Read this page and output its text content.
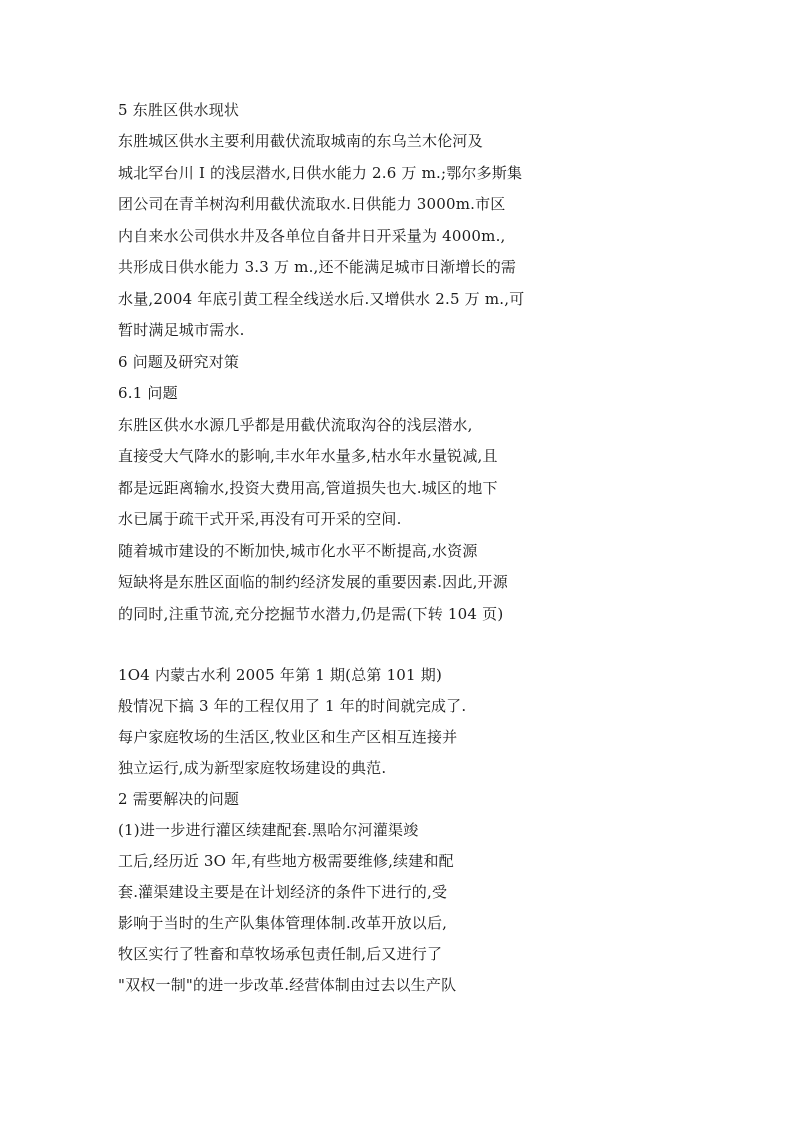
5 东胜区供水现状
东胜城区供水主要利用截伏流取城南的东乌兰木伦河及
城北罕台川 I 的浅层潜水,日供水能力 2.6 万 m.;鄂尔多斯集
团公司在青羊树沟利用截伏流取水.日供能力 3000m.市区
内自来水公司供水井及各单位自备井日开采量为 4000m.,
共形成日供水能力 3.3 万 m.,还不能满足城市日渐增长的需
水量,2004 年底引黄工程全线送水后.又增供水 2.5 万 m.,可
暂时满足城市需水.
6 问题及研究对策
6.1 问题
东胜区供水水源几乎都是用截伏流取沟谷的浅层潜水,
直接受大气降水的影响,丰水年水量多,枯水年水量锐减,且
都是远距离输水,投资大费用高,管道损失也大.城区的地下
水已属于疏干式开采,再没有可开采的空间.
随着城市建设的不断加快,城市化水平不断提高,水资源
短缺将是东胜区面临的制约经济发展的重要因素.因此,开源
的同时,注重节流,充分挖掘节水潜力,仍是需(下转 104 页)
1O4 内蒙古水利 2005 年第 1 期(总第 101 期)
般情况下搞 3 年的工程仅用了 1 年的时间就完成了.
每户家庭牧场的生活区,牧业区和生产区相互连接并
独立运行,成为新型家庭牧场建设的典范.
2 需要解决的问题
(1)进一步进行灌区续建配套.黑哈尔河灌渠竣
工后,经历近 3O 年,有些地方极需要维修,续建和配
套.灌渠建设主要是在计划经济的条件下进行的,受
影响于当时的生产队集体管理体制.改革开放以后,
牧区实行了牲畜和草牧场承包责任制,后又进行了
"双权一制"的进一步改革.经营体制由过去以生产队
